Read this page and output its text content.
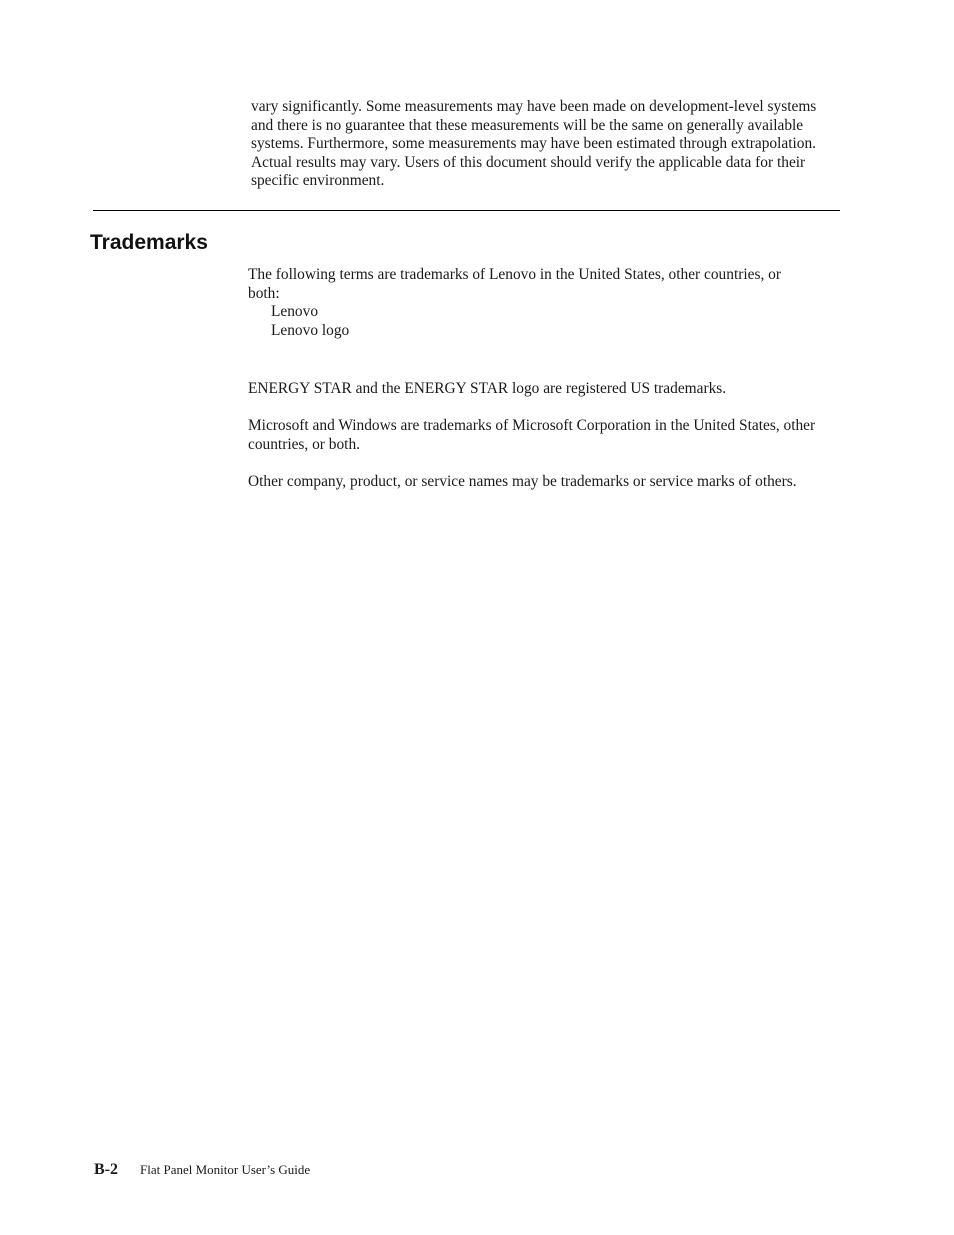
vary significantly. Some measurements may have been made on development-level systems and there is no guarantee that these measurements will be the same on generally available systems. Furthermore, some measurements may have been estimated through extrapolation. Actual results may vary. Users of this document should verify the applicable data for their specific environment.

Trademarks

The following terms are trademarks of Lenovo in the United States, other countries, or both:

Lenovo
Lenovo logo

ENERGY STAR and the ENERGY STAR logo are registered US trademarks.

Microsoft and Windows are trademarks of Microsoft Corporation in the United States, other countries, or both.

Other company, product, or service names may be trademarks or service marks of others.

B-2 Flat Panel Monitor User’s Guide
